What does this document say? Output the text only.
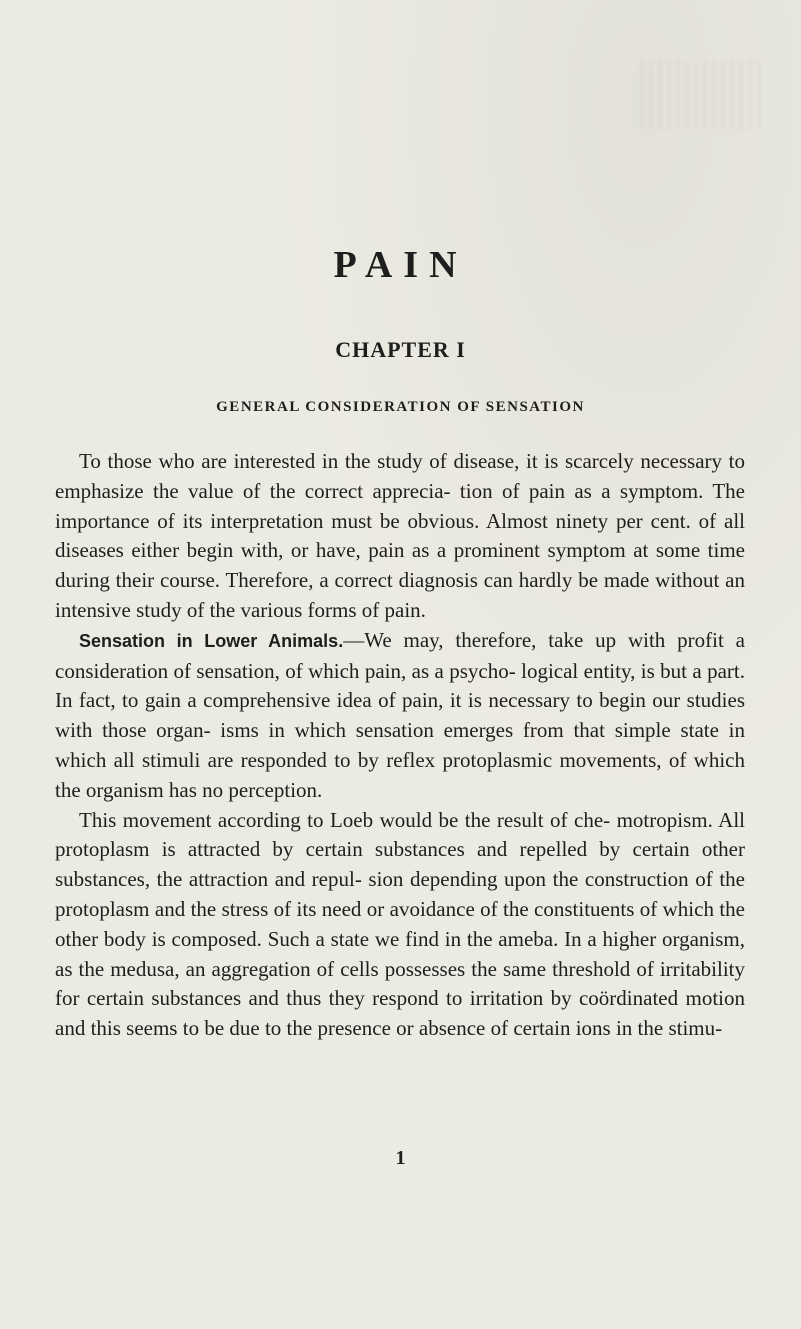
PAIN
CHAPTER I
GENERAL CONSIDERATION OF SENSATION

To those who are interested in the study of disease, it is scarcely necessary to emphasize the value of the correct apprecia- tion of pain as a symptom. The importance of its interpretation must be obvious. Almost ninety per cent. of all diseases either begin with, or have, pain as a prominent symptom at some time during their course. Therefore, a correct diagnosis can hardly be made without an intensive study of the various forms of pain.

Sensation in Lower Animals.—We may, therefore, take up with profit a consideration of sensation, of which pain, as a psycho- logical entity, is but a part. In fact, to gain a comprehensive idea of pain, it is necessary to begin our studies with those organ- isms in which sensation emerges from that simple state in which all stimuli are responded to by reflex protoplasmic movements, of which the organism has no perception.

This movement according to Loeb would be the result of che- motropism. All protoplasm is attracted by certain substances and repelled by certain other substances, the attraction and repul- sion depending upon the construction of the protoplasm and the stress of its need or avoidance of the constituents of which the other body is composed. Such a state we find in the ameba. In a higher organism, as the medusa, an aggregation of cells possesses the same threshold of irritability for certain substances and thus they respond to irritation by coördinated motion and this seems to be due to the presence or absence of certain ions in the stimu-

1
